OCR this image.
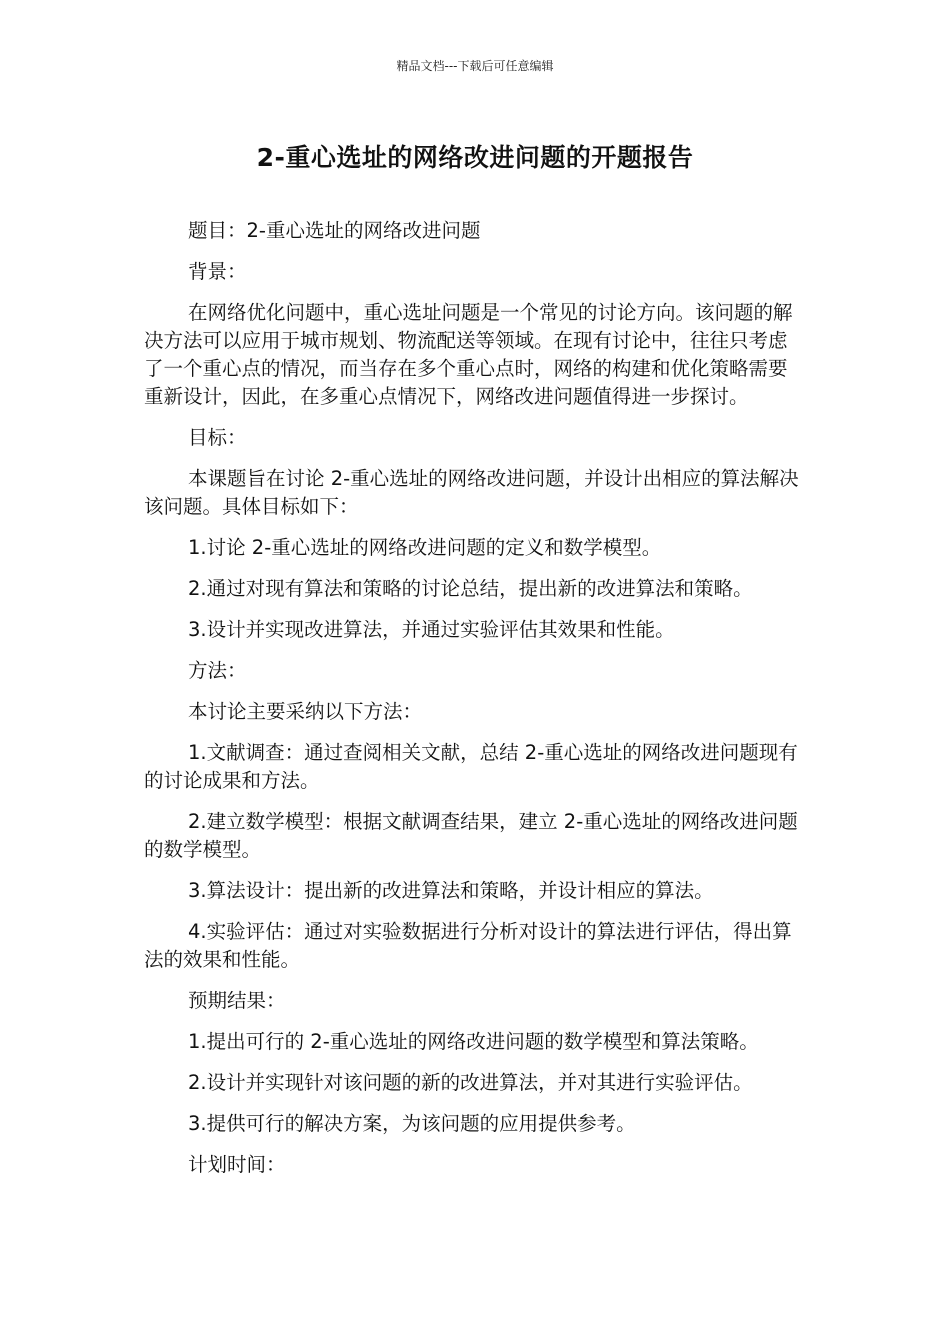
精品文档---下载后可任意编辑
2-重心选址的网络改进问题的开题报告

题目：2-重心选址的网络改进问题

背景：

在网络优化问题中，重心选址问题是一个常见的讨论方向。该问题的解决方法可以应用于城市规划、物流配送等领域。在现有讨论中，往往只考虑了一个重心点的情况，而当存在多个重心点时，网络的构建和优化策略需要重新设计，因此，在多重心点情况下，网络改进问题值得进一步探讨。

目标：

本课题旨在讨论 2-重心选址的网络改进问题，并设计出相应的算法解决该问题。具体目标如下：

1.讨论 2-重心选址的网络改进问题的定义和数学模型。

2.通过对现有算法和策略的讨论总结，提出新的改进算法和策略。

3.设计并实现改进算法，并通过实验评估其效果和性能。

方法：

本讨论主要采纳以下方法：

1.文献调查：通过查阅相关文献，总结 2-重心选址的网络改进问题现有的讨论成果和方法。

2.建立数学模型：根据文献调查结果，建立 2-重心选址的网络改进问题的数学模型。

3.算法设计：提出新的改进算法和策略，并设计相应的算法。

4.实验评估：通过对实验数据进行分析对设计的算法进行评估，得出算法的效果和性能。

预期结果：

1.提出可行的 2-重心选址的网络改进问题的数学模型和算法策略。

2.设计并实现针对该问题的新的改进算法，并对其进行实验评估。

3.提供可行的解决方案，为该问题的应用提供参考。

计划时间：
